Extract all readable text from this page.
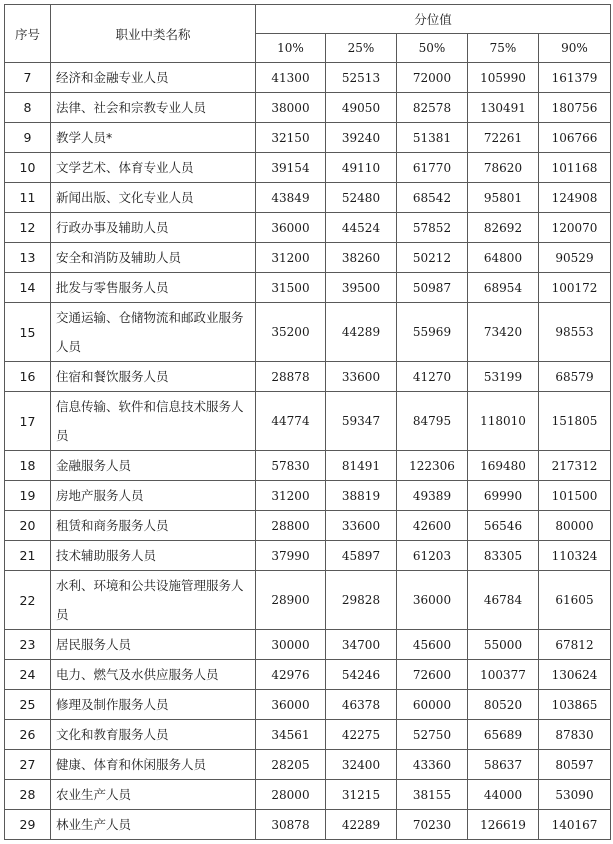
序号	职业中类名称	分位值				
		10%	25%	50%	75%	90%
7	经济和金融专业人员	41300	52513	72000	105990	161379
8	法律、社会和宗教专业人员	38000	49050	82578	130491	180756
9	教学人员*	32150	39240	51381	72261	106766
10	文学艺术、体育专业人员	39154	49110	61770	78620	101168
11	新闻出版、文化专业人员	43849	52480	68542	95801	124908
12	行政办事及辅助人员	36000	44524	57852	82692	120070
13	安全和消防及辅助人员	31200	38260	50212	64800	90529
14	批发与零售服务人员	31500	39500	50987	68954	100172
15	交通运输、仓储物流和邮政业服务人员	35200	44289	55969	73420	98553
16	住宿和餐饮服务人员	28878	33600	41270	53199	68579
17	信息传输、软件和信息技术服务人员	44774	59347	84795	118010	151805
18	金融服务人员	57830	81491	122306	169480	217312
19	房地产服务人员	31200	38819	49389	69990	101500
20	租赁和商务服务人员	28800	33600	42600	56546	80000
21	技术辅助服务人员	37990	45897	61203	83305	110324
22	水利、环境和公共设施管理服务人员	28900	29828	36000	46784	61605
23	居民服务人员	30000	34700	45600	55000	67812
24	电力、燃气及水供应服务人员	42976	54246	72600	100377	130624
25	修理及制作服务人员	36000	46378	60000	80520	103865
26	文化和教育服务人员	34561	42275	52750	65689	87830
27	健康、体育和休闲服务人员	28205	32400	43360	58637	80597
28	农业生产人员	28000	31215	38155	44000	53090
29	林业生产人员	30878	42289	70230	126619	140167
